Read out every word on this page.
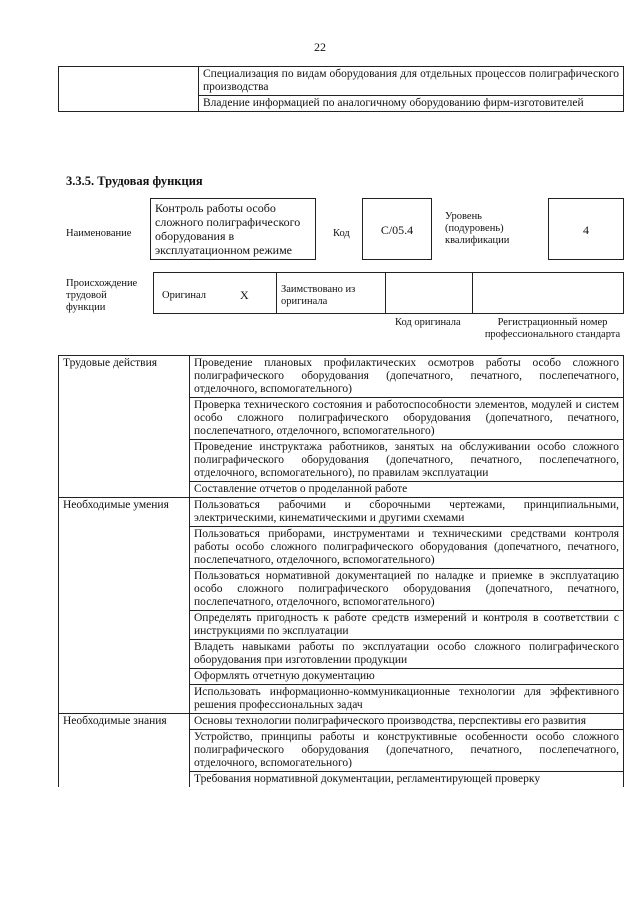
22
	Специализация по видам оборудования для отдельных процессов полиграфического производства
Владение информацией по аналогичному оборудованию фирм-изготовителей
3.3.5. Трудовая функция
Наименование
Контроль работы особо сложного полиграфического оборудования в эксплуатационном режиме
Код	C/05.4
Уровень (подуровень) квалификации
4
Происхождение трудовой функции
Оригинал	X	Заимствовано из оригинала
Код оригинала	Регистрационный номер профессионального стандарта
Трудовые действия	Проведение плановых профилактических осмотров работы особо сложного полиграфического оборудования (допечатного, печатного, послепечатного, отделочного, вспомогательного)
	Проверка технического состояния и работоспособности элементов, модулей и систем особо сложного полиграфического оборудования (допечатного, печатного, послепечатного, отделочного, вспомогательного)
	Проведение инструктажа работников, занятых на обслуживании особо сложного полиграфического оборудования (допечатного, печатного, послепечатного, отделочного, вспомогательного), по правилам эксплуатации
	Составление отчетов о проделанной работе
Необходимые умения	Пользоваться рабочими и сборочными чертежами, принципиальными, электрическими, кинематическими и другими схемами
	Пользоваться приборами, инструментами и техническими средствами контроля работы особо сложного полиграфического оборудования (допечатного, печатного, послепечатного, отделочного, вспомогательного)
	Пользоваться нормативной документацией по наладке и приемке в эксплуатацию особо сложного полиграфического оборудования (допечатного, печатного, послепечатного, отделочного, вспомогательного)
	Определять пригодность к работе средств измерений и контроля в соответствии с инструкциями по эксплуатации
	Владеть навыками работы по эксплуатации особо сложного полиграфического оборудования при изготовлении продукции
	Оформлять отчетную документацию
	Использовать информационно-коммуникационные технологии для эффективного решения профессиональных задач
Необходимые знания	Основы технологии полиграфического производства, перспективы его развития
	Устройство, принципы работы и конструктивные особенности особо сложного полиграфического оборудования (допечатного, печатного, послепечатного, отделочного, вспомогательного)
	Требования нормативной документации, регламентирующей проверку
